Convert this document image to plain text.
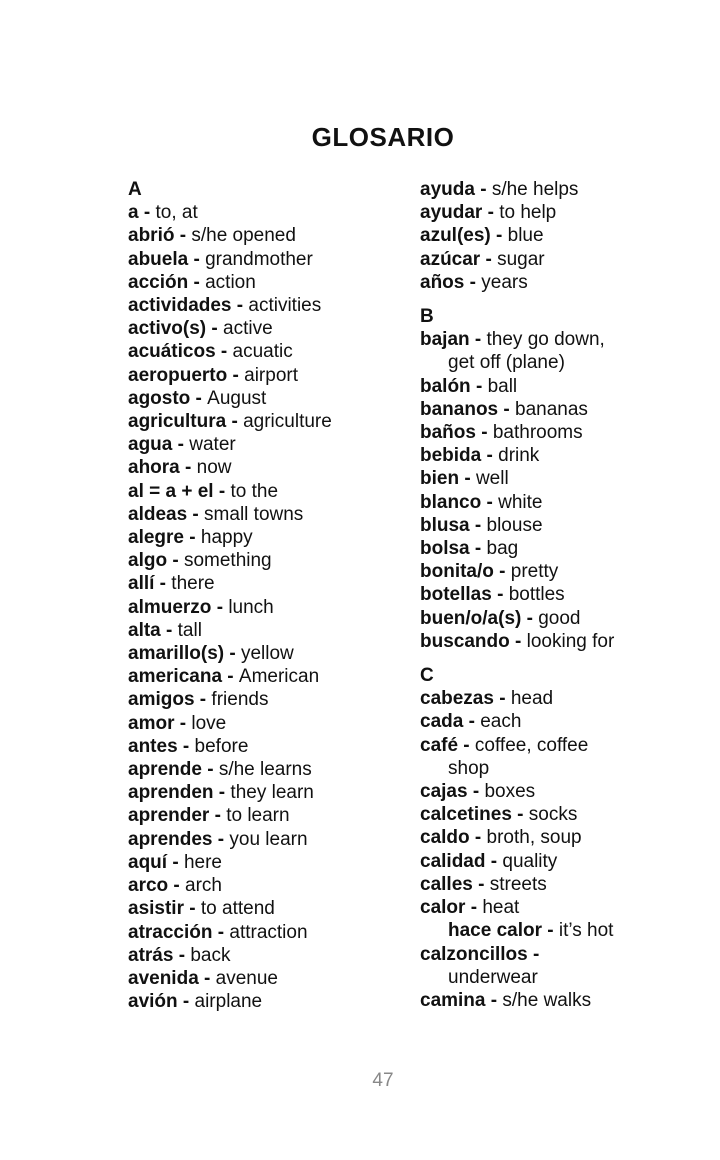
GLOSARIO
A
a - to, at
abrió - s/he opened
abuela - grandmother
acción - action
actividades - activities
activo(s) - active
acuáticos - acuatic
aeropuerto - airport
agosto - August
agricultura - agriculture
agua - water
ahora - now
al = a + el - to the
aldeas - small towns
alegre - happy
algo - something
allí - there
almuerzo - lunch
alta - tall
amarillo(s) - yellow
americana - American
amigos - friends
amor - love
antes - before
aprende - s/he learns
aprenden - they learn
aprender - to learn
aprendes - you learn
aquí - here
arco - arch
asistir - to attend
atracción - attraction
atrás - back
avenida - avenue
avión - airplane
ayuda - s/he helps
ayudar - to help
azul(es) - blue
azúcar - sugar
años - years
B
bajan - they go down,
get off (plane)
balón - ball
bananos - bananas
baños - bathrooms
bebida - drink
bien - well
blanco - white
blusa - blouse
bolsa - bag
bonita/o - pretty
botellas - bottles
buen/o/a(s) - good
buscando - looking for
C
cabezas - head
cada - each
café - coffee, coffee
shop
cajas - boxes
calcetines - socks
caldo - broth, soup
calidad - quality
calles - streets
calor - heat
hace calor - it’s hot
calzoncillos -
underwear
camina - s/he walks
47
